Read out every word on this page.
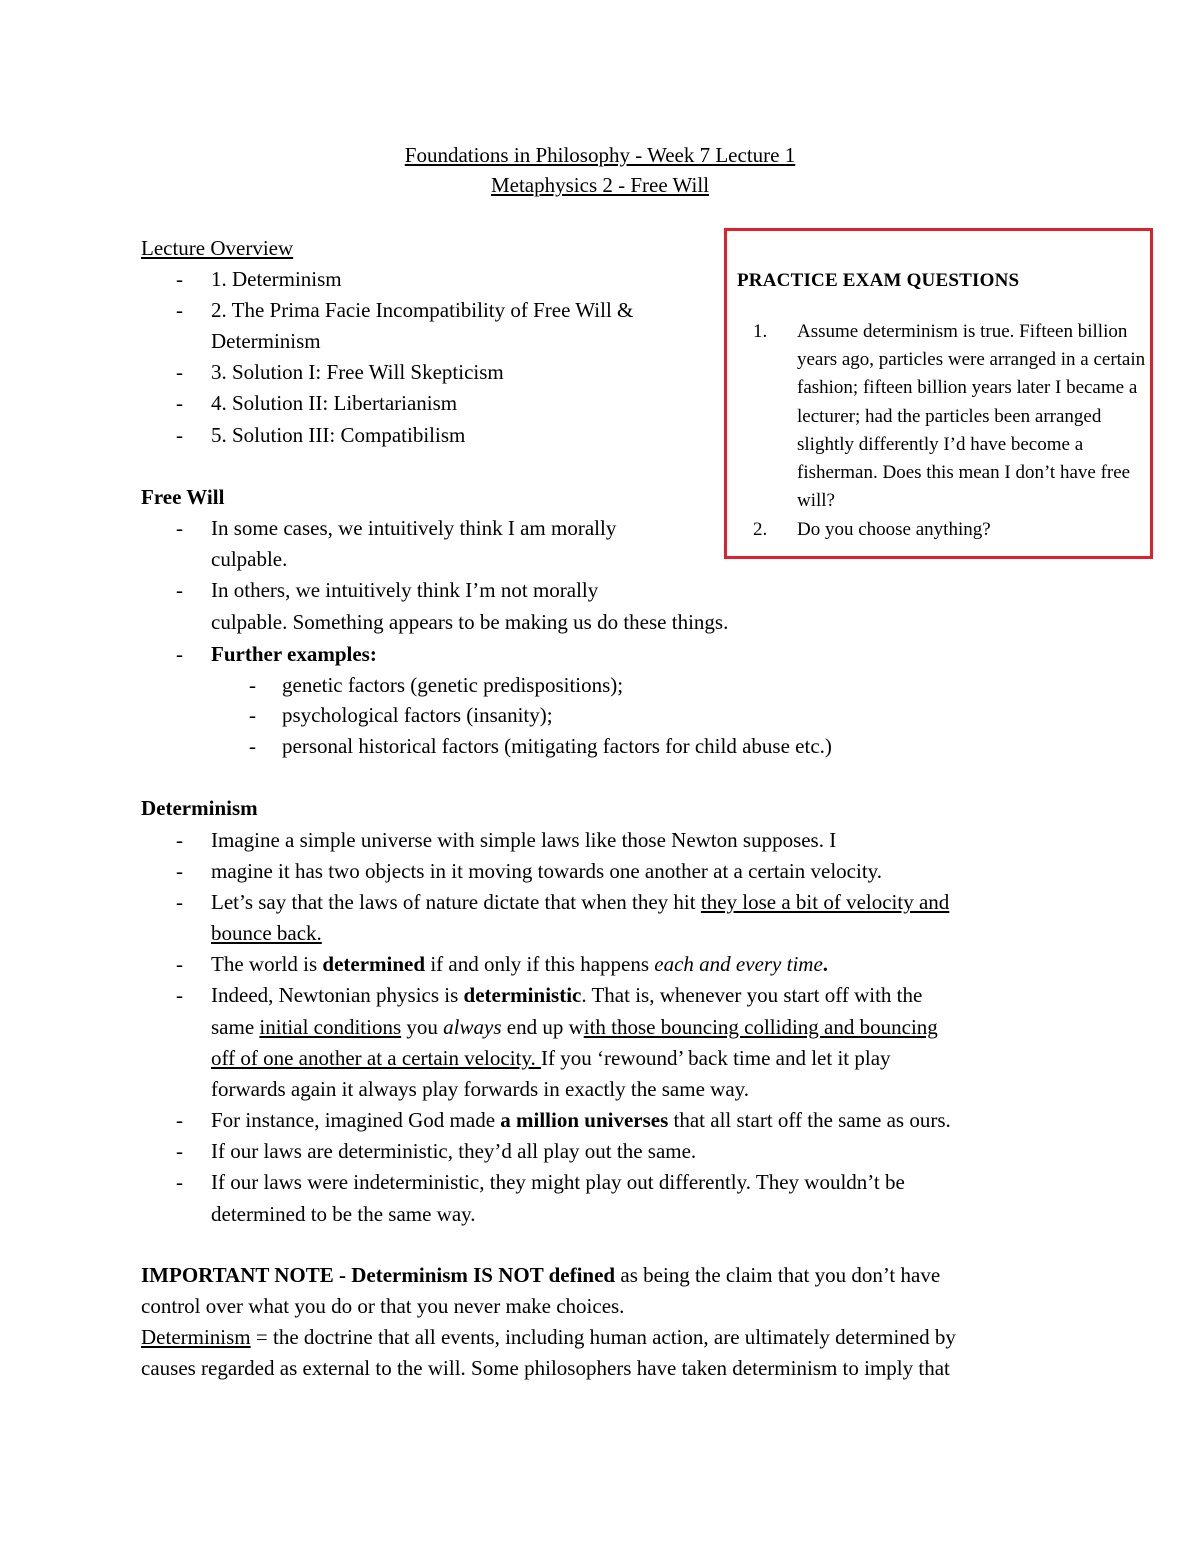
Foundations in Philosophy - Week 7 Lecture 1
Metaphysics 2 - Free Will
Lecture Overview
- 1. Determinism
- 2. The Prima Facie Incompatibility of Free Will &
Determinism
- 3. Solution I: Free Will Skepticism
- 4. Solution II: Libertarianism
- 5. Solution III: Compatibilism
PRACTICE EXAM QUESTIONS
1. Assume determinism is true. Fifteen billion
years ago, particles were arranged in a certain
fashion; fifteen billion years later I became a
lecturer; had the particles been arranged
slightly differently I’d have become a
fisherman. Does this mean I don’t have free
will?
2. Do you choose anything?
Free Will
- In some cases, we intuitively think I am morally
culpable.
- In others, we intuitively think I’m not morally
culpable. Something appears to be making us do these things.
- Further examples:
- genetic factors (genetic predispositions);
- psychological factors (insanity);
- personal historical factors (mitigating factors for child abuse etc.)
Determinism
- Imagine a simple universe with simple laws like those Newton supposes. I
- magine it has two objects in it moving towards one another at a certain velocity.
- Let’s say that the laws of nature dictate that when they hit they lose a bit of velocity and
bounce back.
- The world is determined if and only if this happens each and every time.
- Indeed, Newtonian physics is deterministic. That is, whenever you start off with the
same initial conditions you always end up with those bouncing colliding and bouncing
off of one another at a certain velocity. If you ‘rewound’ back time and let it play
forwards again it always play forwards in exactly the same way.
- For instance, imagined God made a million universes that all start off the same as ours.
- If our laws are deterministic, they’d all play out the same.
- If our laws were indeterministic, they might play out differently. They wouldn’t be
determined to be the same way.
IMPORTANT NOTE - Determinism IS NOT defined as being the claim that you don’t have
control over what you do or that you never make choices.
Determinism = the doctrine that all events, including human action, are ultimately determined by
causes regarded as external to the will. Some philosophers have taken determinism to imply that
